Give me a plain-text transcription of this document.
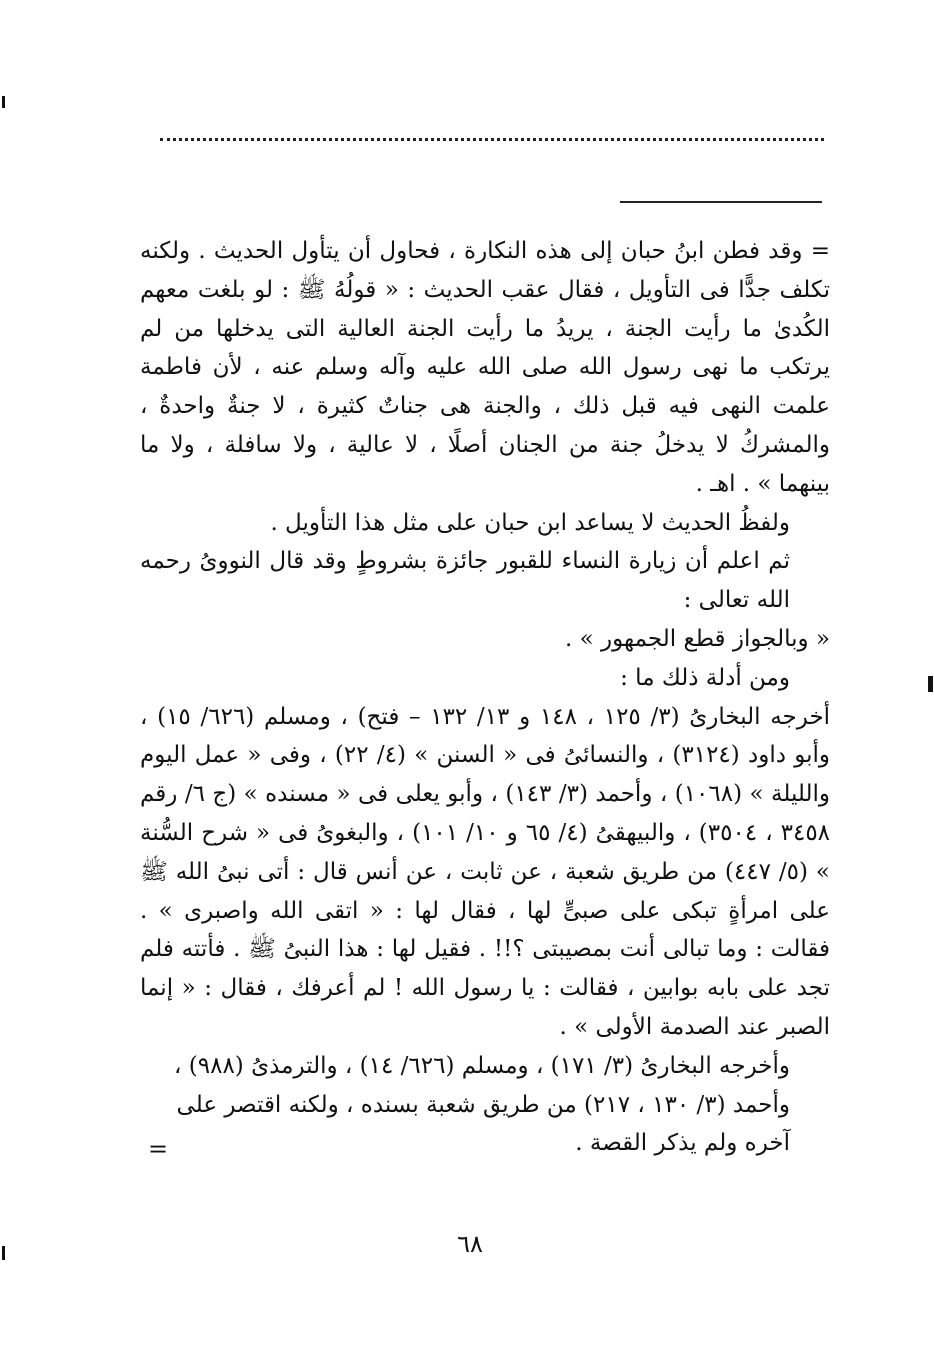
= وقد فطن ابنُ حبان إلى هذه النكارة ، فحاول أن يتأول الحديث . ولكنه تكلف جدًّا فى التأويل ، فقال عقب الحديث : « قولُهُ ﷺ : لو بلغت معهم الكُدىٰ ما رأيت الجنة ، يريدُ ما رأيت الجنة العالية التى يدخلها من لم يرتكب ما نهى رسول الله صلى الله عليه وآله وسلم عنه ، لأن فاطمة علمت النهى فيه قبل ذلك ، والجنة هى جناتٌ كثيرة ، لا جنةٌ واحدةٌ ، والمشركُ لا يدخلُ جنة من الجنان أصلًا ، لا عالية ، ولا سافلة ، ولا ما بينهما » . اهـ .

ولفظُ الحديث لا يساعد ابن حبان على مثل هذا التأويل .

ثم اعلم أن زيارة النساء للقبور جائزة بشروطٍ وقد قال النووىُ رحمه الله تعالى :

« وبالجواز قطع الجمهور » .

ومن أدلة ذلك ما :

أخرجه البخارىُ (٣/ ١٢٥ ، ١٤٨ و ١٣/ ١٣٢ – فتح) ، ومسلم (٦٢٦/ ١٥) ، وأبو داود (٣١٢٤) ، والنسائىُ فى « السنن » (٤/ ٢٢) ، وفى « عمل اليوم والليلة » (١٠٦٨) ، وأحمد (٣/ ١٤٣) ، وأبو يعلى فى « مسنده » (ج ٦/ رقم ٣٤٥٨ ، ٣٥٠٤) ، والبيهقىُ (٤/ ٦٥ و ١٠/ ١٠١) ، والبغوىُ فى « شرح السُّنة » (٥/ ٤٤٧) من طريق شعبة ، عن ثابت ، عن أنس قال : أتى نبىُ الله ﷺ على امرأةٍ تبكى على صبىٍّ لها ، فقال لها : « اتقى الله واصبرى » . فقالت : وما تبالى أنت بمصيبتى ؟!! . فقيل لها : هذا النبىُ ﷺ . فأتته فلم تجد على بابه بوابين ، فقالت : يا رسول الله ! لم أعرفك ، فقال : « إنما الصبر عند الصدمة الأولى » .

وأخرجه البخارىُ (٣/ ١٧١) ، ومسلم (٦٢٦/ ١٤) ، والترمذىُ (٩٨٨) ، وأحمد (٣/ ١٣٠ ، ٢١٧) من طريق شعبة بسنده ، ولكنه اقتصر على آخره ولم يذكر القصة .

=
٦٨
